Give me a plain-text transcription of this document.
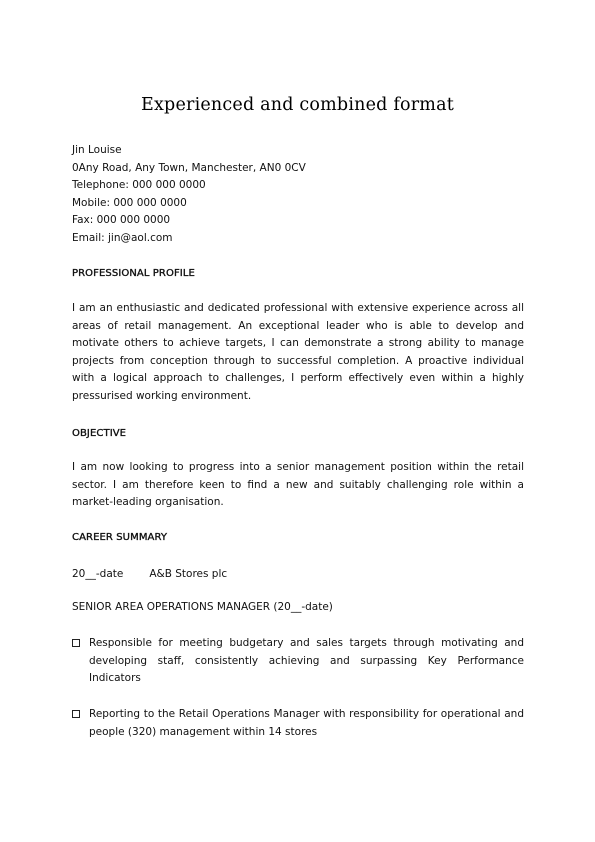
Experienced and combined format
Jin Louise
0Any Road, Any Town, Manchester, AN0 0CV
Telephone: 000 000 0000
Mobile: 000 000 0000
Fax: 000 000 0000
Email: jin@aol.com
PROFESSIONAL PROFILE
I am an enthusiastic and dedicated professional with extensive experience across all areas of retail management. An exceptional leader who is able to develop and motivate others to achieve targets, I can demonstrate a strong ability to manage projects from conception through to successful completion. A proactive individual with a logical approach to challenges, I perform effectively even within a highly pressurised working environment.
OBJECTIVE
I am now looking to progress into a senior management position within the retail sector. I am therefore keen to find a new and suitably challenging role within a market-leading organisation.
CAREER SUMMARY
20__-date A&B Stores plc
SENIOR AREA OPERATIONS MANAGER (20__-date)
Responsible for meeting budgetary and sales targets through motivating and developing staff, consistently achieving and surpassing Key Performance Indicators
Reporting to the Retail Operations Manager with responsibility for operational and people (320) management within 14 stores
